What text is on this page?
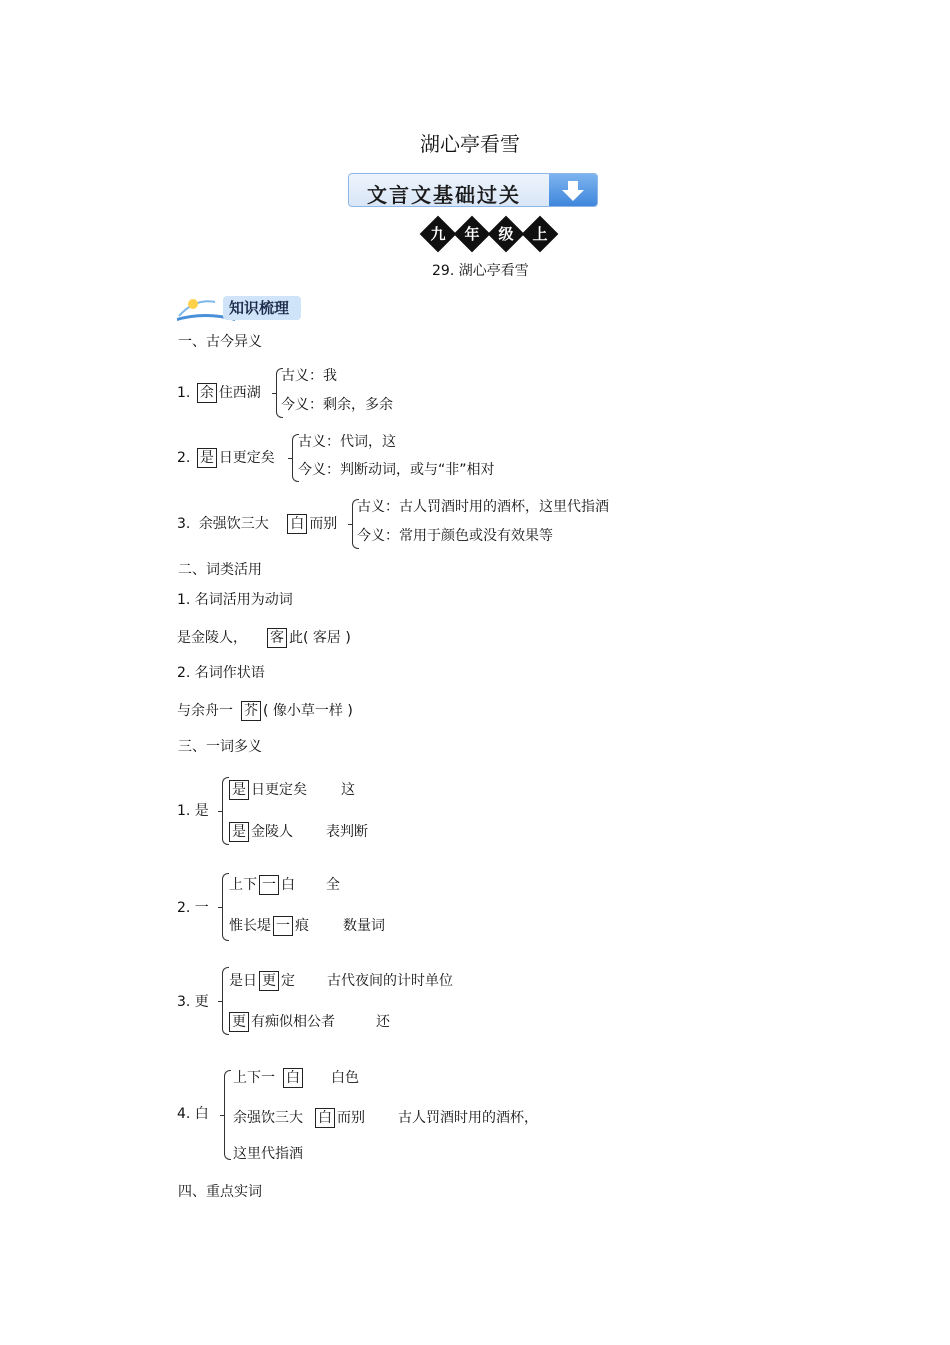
湖心亭看雪
文言文基础过关
九	年	级	上
29. 湖心亭看雪
知识梳理
一、古今异义
1. 余 住西湖
古义：我
今义：剩余，多余
2. 是 日更定矣
古义：代词，这
今义：判断动词，或与“非”相对
3. 余强饮三大 白 而别
古义：古人罚酒时用的酒杯，这里代指酒
今义：常用于颜色或没有效果等
二、词类活用
1. 名词活用为动词
是金陵人， 客 此( 客居 )
2. 名词作状语
与余舟一 芥 ( 像小草一样 )
三、一词多义
1. 是
是 日更定矣 这
是 金陵人 表判断
2. 一
上下 一 白 全
惟长堤 一 痕 数量词
3. 更
是日 更 定 古代夜间的计时单位
更 有痴似相公者	还
4. 白
上下一 白	白色
余强饮三大 白 而别 古人罚酒时用的酒杯，
这里代指酒
四、重点实词
